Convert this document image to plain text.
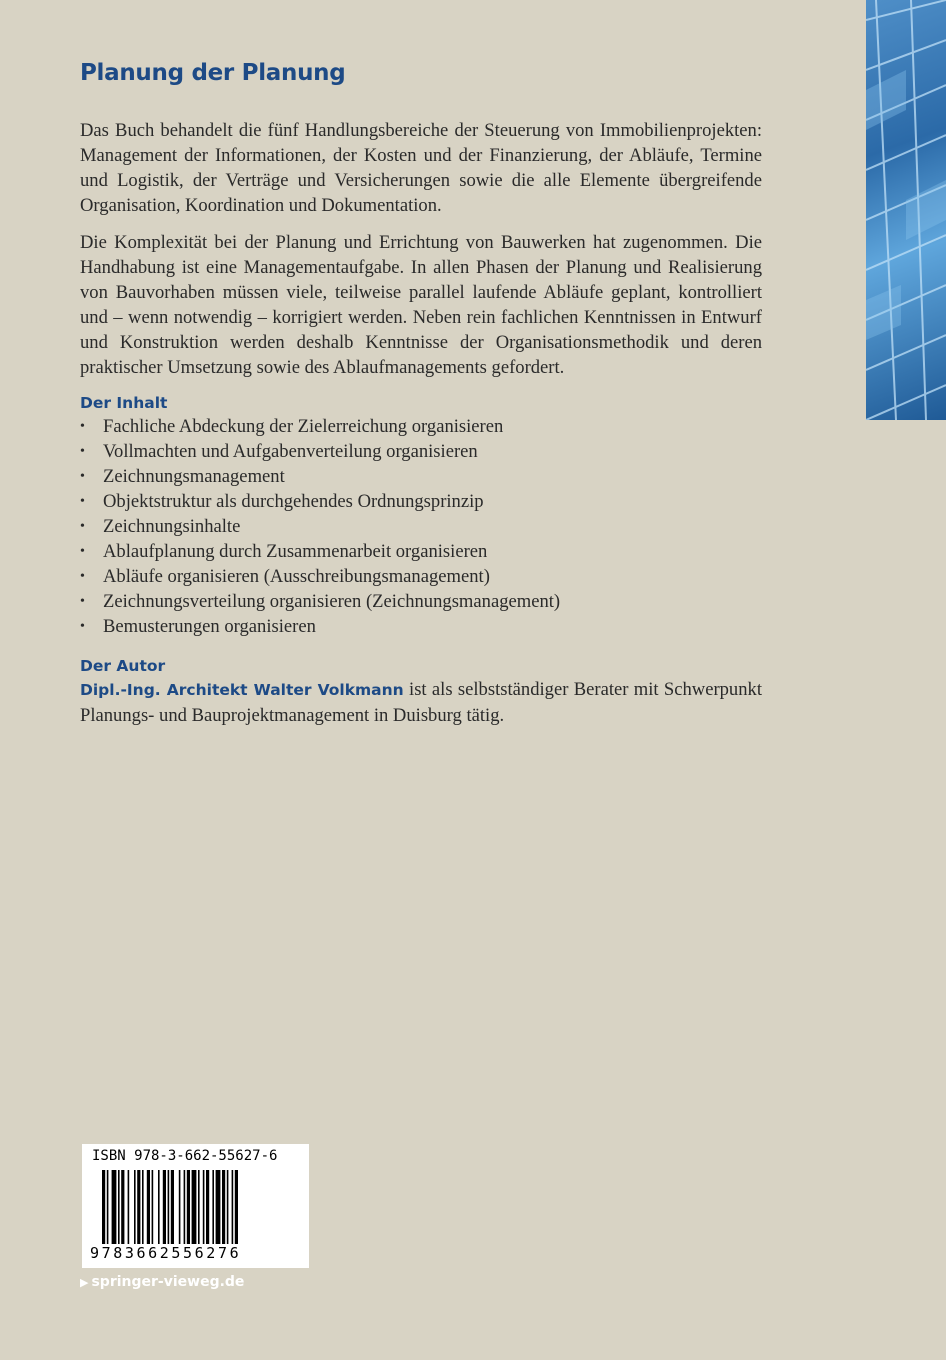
Planung der Planung

Das Buch behandelt die fünf Handlungsbereiche der Steuerung von Immobilienprojekten: Management der Informationen, der Kosten und der Finanzierung, der Abläufe, Termine und Logistik, der Verträge und Versicherungen sowie die alle Elemente übergreifende Organisation, Koordination und Dokumentation.

Die Komplexität bei der Planung und Errichtung von Bauwerken hat zugenommen. Die Handhabung ist eine Managementaufgabe. In allen Phasen der Planung und Realisierung von Bauvorhaben müssen viele, teilweise parallel laufende Abläufe geplant, kontrolliert und – wenn notwendig – korrigiert werden. Neben rein fachlichen Kenntnissen in Entwurf und Konstruktion werden deshalb Kenntnisse der Organisationsmethodik und deren praktischer Umsetzung sowie des Ablaufmanagements gefordert.

Der Inhalt
• Fachliche Abdeckung der Zielerreichung organisieren
• Vollmachten und Aufgabenverteilung organisieren
• Zeichnungsmanagement
• Objektstruktur als durchgehendes Ordnungsprinzip
• Zeichnungsinhalte
• Ablaufplanung durch Zusammenarbeit organisieren
• Abläufe organisieren (Ausschreibungsmanagement)
• Zeichnungsverteilung organisieren (Zeichnungsmanagement)
• Bemusterungen organisieren
Der Autor

Dipl.-Ing. Architekt Walter Volkmann ist als selbstständiger Berater mit Schwerpunkt Planungs- und Bauprojektmanagement in Duisburg tätig.

ISBN 978-3-662-55627-6
9783662556276
▶ springer-vieweg.de
